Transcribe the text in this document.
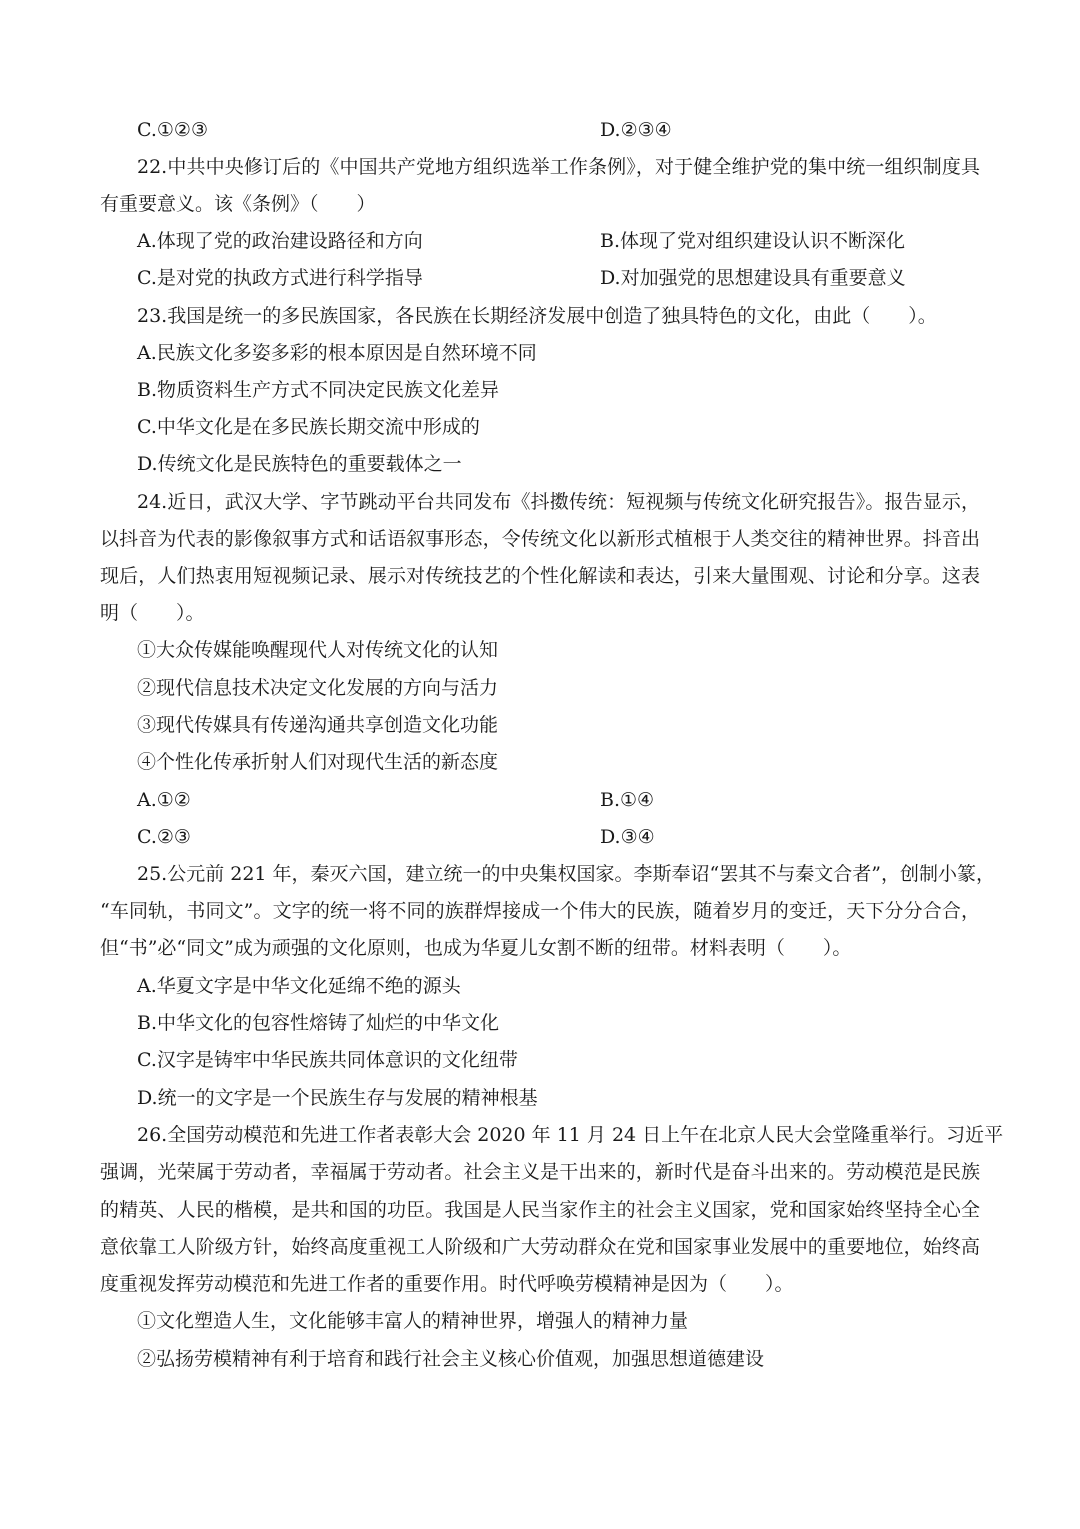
C.①②③	D.②③④
22.中共中央修订后的《中国共产党地方组织选举工作条例》，对于健全维护党的集中统一组织制度具
有重要意义。该《条例》（　　）
A.体现了党的政治建设路径和方向	B.体现了党对组织建设认识不断深化
C.是对党的执政方式进行科学指导	D.对加强党的思想建设具有重要意义
23.我国是统一的多民族国家，各民族在长期经济发展中创造了独具特色的文化，由此（　　）。
A.民族文化多姿多彩的根本原因是自然环境不同
B.物质资料生产方式不同决定民族文化差异
C.中华文化是在多民族长期交流中形成的
D.传统文化是民族特色的重要载体之一
24.近日，武汉大学、字节跳动平台共同发布《抖擞传统：短视频与传统文化研究报告》。报告显示，
以抖音为代表的影像叙事方式和话语叙事形态，令传统文化以新形式植根于人类交往的精神世界。抖音出
现后，人们热衷用短视频记录、展示对传统技艺的个性化解读和表达，引来大量围观、讨论和分享。这表
明（　　）。
①大众传媒能唤醒现代人对传统文化的认知
②现代信息技术决定文化发展的方向与活力
③现代传媒具有传递沟通共享创造文化功能
④个性化传承折射人们对现代生活的新态度
A.①②	B.①④
C.②③	D.③④
25.公元前 221 年，秦灭六国，建立统一的中央集权国家。李斯奉诏“罢其不与秦文合者”，创制小篆，
“车同轨，书同文”。文字的统一将不同的族群焊接成一个伟大的民族，随着岁月的变迁，天下分分合合，
但“书”必“同文”成为顽强的文化原则，也成为华夏儿女割不断的纽带。材料表明（　　）。
A.华夏文字是中华文化延绵不绝的源头
B.中华文化的包容性熔铸了灿烂的中华文化
C.汉字是铸牢中华民族共同体意识的文化纽带
D.统一的文字是一个民族生存与发展的精神根基
26.全国劳动模范和先进工作者表彰大会 2020 年 11 月 24 日上午在北京人民大会堂隆重举行。习近平
强调，光荣属于劳动者，幸福属于劳动者。社会主义是干出来的，新时代是奋斗出来的。劳动模范是民族
的精英、人民的楷模，是共和国的功臣。我国是人民当家作主的社会主义国家，党和国家始终坚持全心全
意依靠工人阶级方针，始终高度重视工人阶级和广大劳动群众在党和国家事业发展中的重要地位，始终高
度重视发挥劳动模范和先进工作者的重要作用。时代呼唤劳模精神是因为（　　）。
①文化塑造人生，文化能够丰富人的精神世界，增强人的精神力量
②弘扬劳模精神有利于培育和践行社会主义核心价值观，加强思想道德建设
